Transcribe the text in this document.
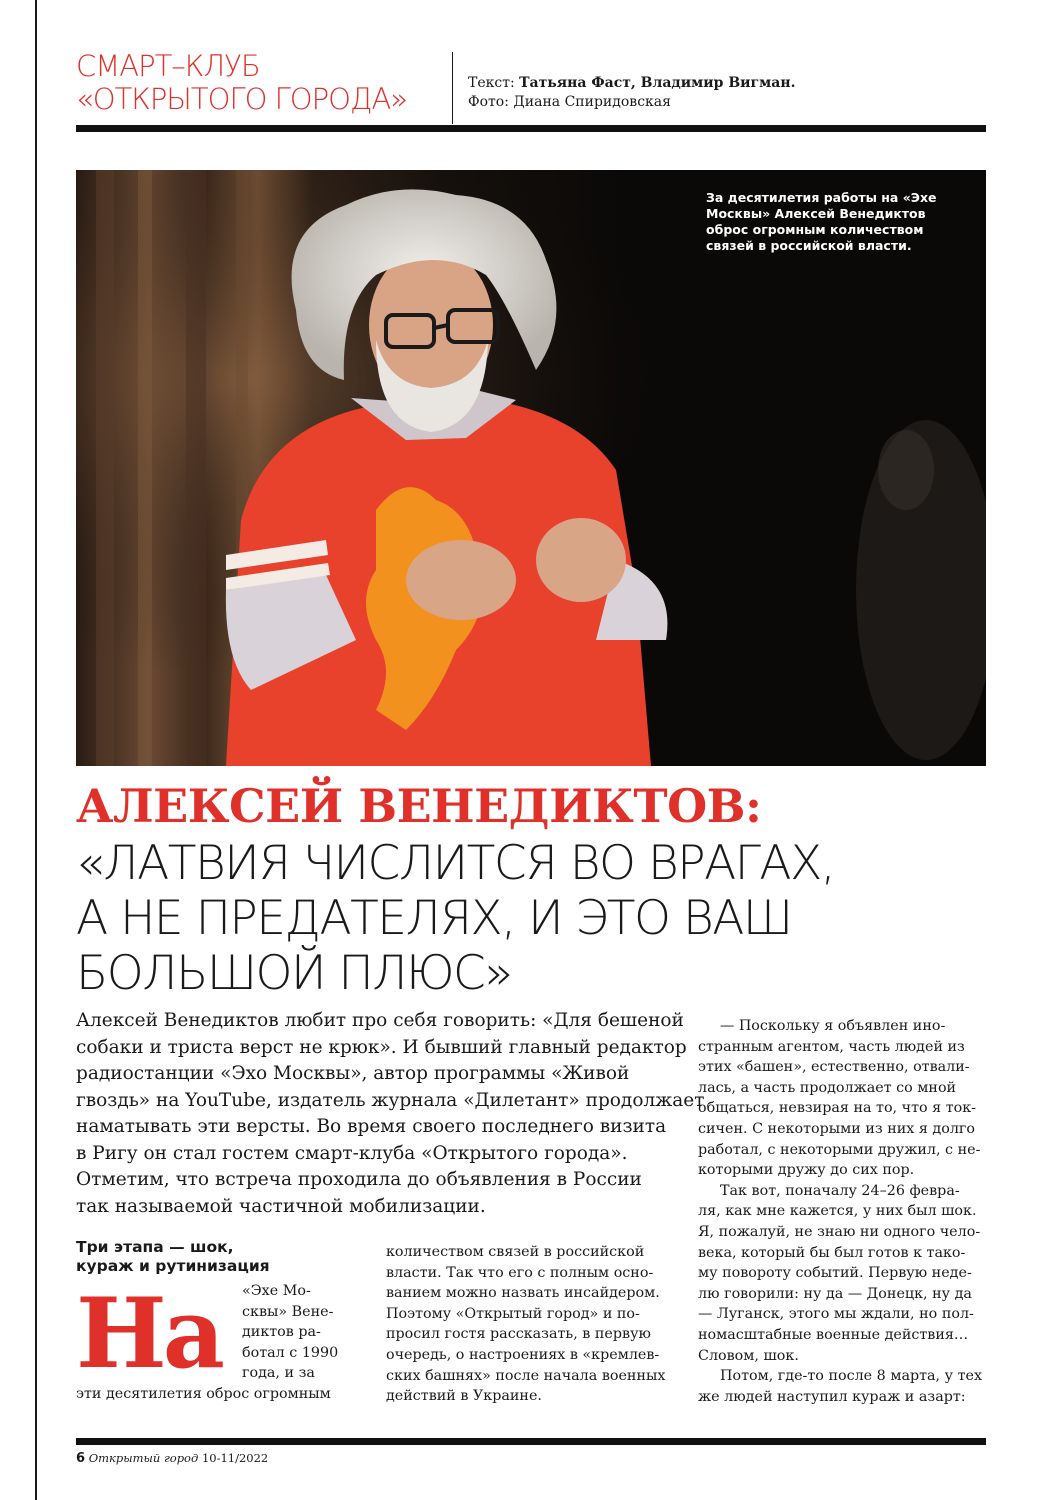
СМАРТ–КЛУБ
«ОТКРЫТОГО ГОРОДА»	Текст: Татьяна Фаст, Владимир Вигман.
Фото: Диана Спиридовская
За десятилетия работы на «Эхе
Москвы» Алексей Венедиктов
оброс огромным количеством
связей в российской власти.
АЛЕКСЕЙ ВЕНЕДИКТОВ:
«ЛАТВИЯ ЧИСЛИТСЯ ВО ВРАГАХ,
А НЕ ПРЕДАТЕЛЯХ, И ЭТО ВАШ
БОЛЬШОЙ ПЛЮС»
Алексей Венедиктов любит про себя говорить: «Для бешеной
собаки и триста верст не крюк». И бывший главный редактор
радиостанции «Эхо Москвы», автор программы «Живой
гвоздь» на YouTube, издатель журнала «Дилетант» продолжает
наматывать эти версты. Во время своего последнего визита
в Ригу он стал гостем смарт-клуба «Открытого города».
Отметим, что встреча проходила до объявления в России
так называемой частичной мобилизации.
Три этапа — шок,
кураж и рутинизация
На «Эхе Мо-
сквы» Вене-
диктов ра-
ботал с 1990
года, и за
эти десятилетия оброс огромным
количеством связей в российской
власти. Так что его с полным осно-
ванием можно назвать инсайдером.
Поэтому «Открытый город» и по-
просил гостя рассказать, в первую
очередь, о настроениях в «кремлев-
ских башнях» после начала военных
действий в Украине.
— Поскольку я объявлен ино-
странным агентом, часть людей из
этих «башен», естественно, отвали-
лась, а часть продолжает со мной
общаться, невзирая на то, что я ток-
сичен. С некоторыми из них я долго
работал, с некоторыми дружил, с не-
которыми дружу до сих пор.
Так вот, поначалу 24–26 февра-
ля, как мне кажется, у них был шок.
Я, пожалуй, не знаю ни одного чело-
века, который бы был готов к тако-
му повороту событий. Первую неде-
лю говорили: ну да — Донецк, ну да
— Луганск, этого мы ждали, но пол-
номасштабные военные действия…
Словом, шок.
Потом, где-то после 8 марта, у тех
же людей наступил кураж и азарт:
6 Открытый город 10-11/2022
